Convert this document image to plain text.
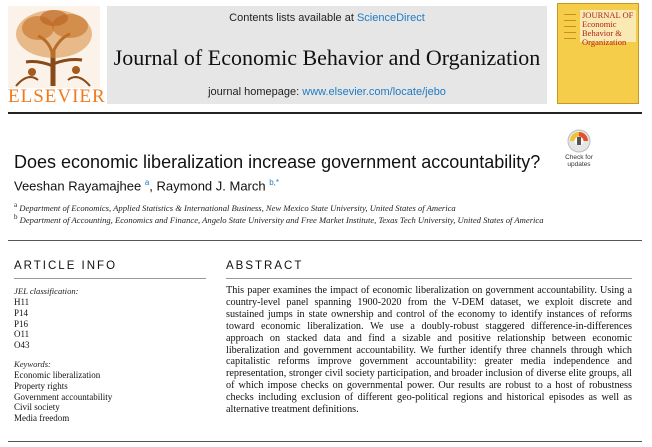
ELSEVIER
Contents lists available at ScienceDirect
Journal of Economic Behavior and Organization
journal homepage: www.elsevier.com/locate/jebo
JOURNAL OF Economic Behavior & Organization
Check for updates
Does economic liberalization increase government accountability?
Veeshan Rayamajhee $^a$, Raymond J. March $^{b,*}$
$^a$ Department of Economics, Applied Statistics & International Business, New Mexico State University, United States of America
$^b$ Department of Accounting, Economics and Finance, Angelo State University and Free Market Institute, Texas Tech University, United States of America
ARTICLE INFO
JEL classification:
H11
P14
P16
O11
O43
Keywords:
Economic liberalization
Property rights
Government accountability
Civil society
Media freedom
ABSTRACT
This paper examines the impact of economic liberalization on government accountability. Using a country-level panel spanning 1900-2020 from the V-DEM dataset, we exploit discrete and sustained jumps in state ownership and control of the economy to identify instances of reforms toward economic liberalization. We use a doubly-robust staggered difference-in-differences approach on stacked data and find a sizable and positive relationship between economic liberalization and government accountability. We further identify three channels through which capitalistic reforms improve government accountability: greater media independence and representation, stronger civil society participation, and broader inclusion of diverse elite groups, all of which impose checks on governmental power. Our results are robust to a host of robustness checks including exclusion of different geo-political regions and historical episodes as well as alternative treatment definitions.
